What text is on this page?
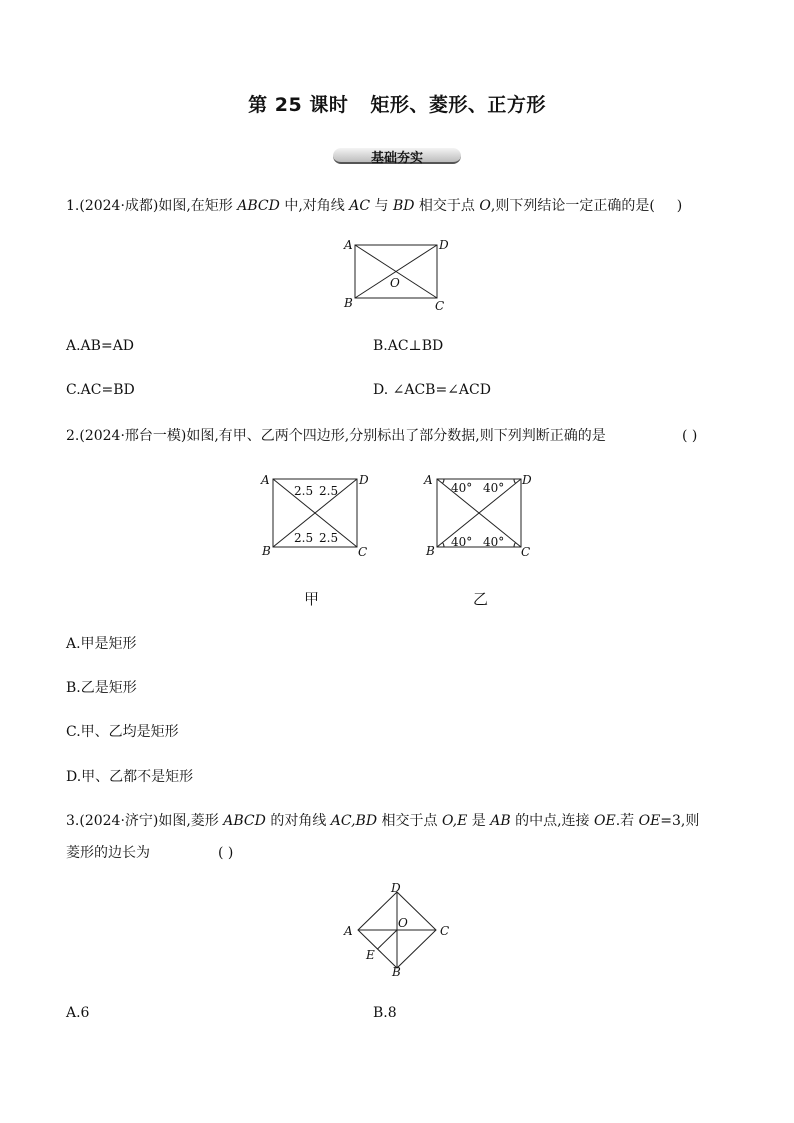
第 25 课时 矩形、菱形、正方形
基础夯实
1.(2024·成都)如图,在矩形 ABCD 中,对角线 AC 与 BD 相交于点 O,则下列结论一定正确的是( )
A	D
B	C
O
A.AB=AD	B.AC⊥BD
C.AC=BD	D. ∠ACB=∠ACD
2.(2024·邢台一模)如图,有甲、乙两个四边形,分别标出了部分数据,则下列判断正确的是	( )
A	D
B	C
2.5 2.5
2.5 2.5
A	D
B	C
40° 40°
40° 40°
甲	乙
A.甲是矩形
B.乙是矩形
C.甲、乙均是矩形
D.甲、乙都不是矩形
3.(2024·济宁)如图,菱形 ABCD 的对角线 AC,BD 相交于点 O,E 是 AB 的中点,连接 OE.若 OE=3,则
菱形的边长为	( )
D
A	C
O
E
B
A.6	B.8
